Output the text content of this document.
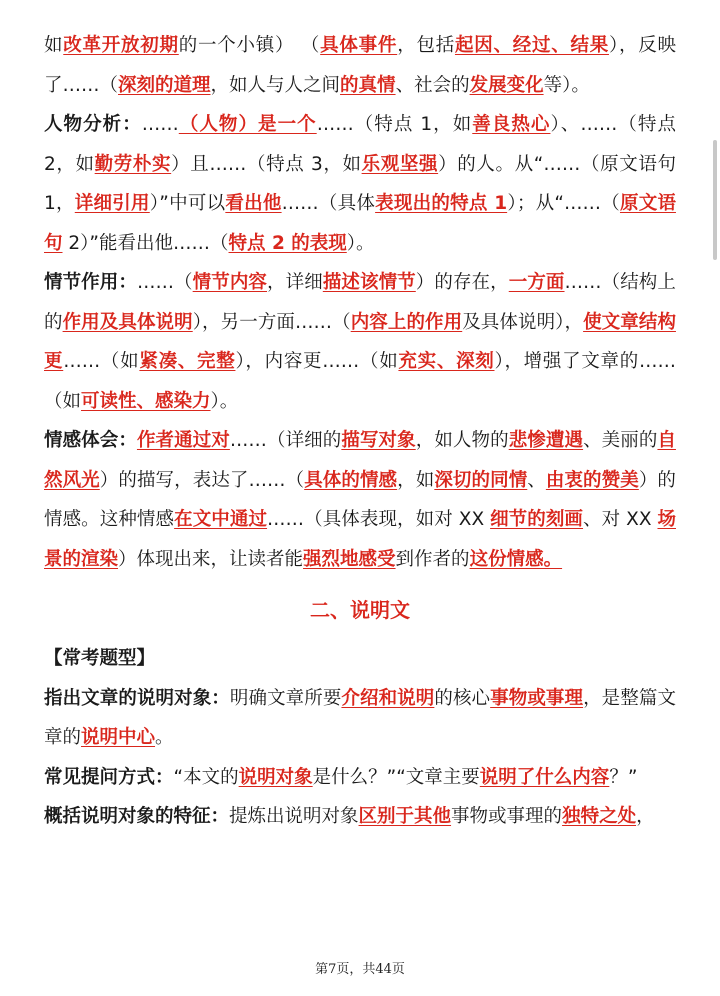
如改革开放初期的一个小镇） （具体事件，包括起因、经过、结果），反映了……（深刻的道理，如人与人之间的真情、社会的发展变化等）。

人物分析：……（人物）是一个……（特点 1，如善良热心）、……（特点 2，如勤劳朴实）且……（特点 3，如乐观坚强）的人。从“……（原文语句 1，详细引用）”中可以看出他……（具体表现出的特点 1）；从“……（原文语句 2）”能看出他……（特点 2 的表现）。

情节作用：……（情节内容，详细描述该情节）的存在，一方面……（结构上的作用及具体说明），另一方面……（内容上的作用及具体说明），使文章结构更……（如紧凑、完整），内容更……（如充实、深刻），增强了文章的……（如可读性、感染力）。

情感体会：作者通过对……（详细的描写对象，如人物的悲惨遭遇、美丽的自然风光）的描写，表达了……（具体的情感，如深切的同情、由衷的赞美）的情感。这种情感在文中通过……（具体表现，如对 XX 细节的刻画、对 XX 场景的渲染）体现出来，让读者能强烈地感受到作者的这份情感。

二、说明文

【常考题型】

指出文章的说明对象：明确文章所要介绍和说明的核心事物或事理，是整篇文章的说明中心。

常见提问方式：“本文的说明对象是什么？”“文章主要说明了什么内容？”

概括说明对象的特征：提炼出说明对象区别于其他事物或事理的独特之处，

第7页，共44页
